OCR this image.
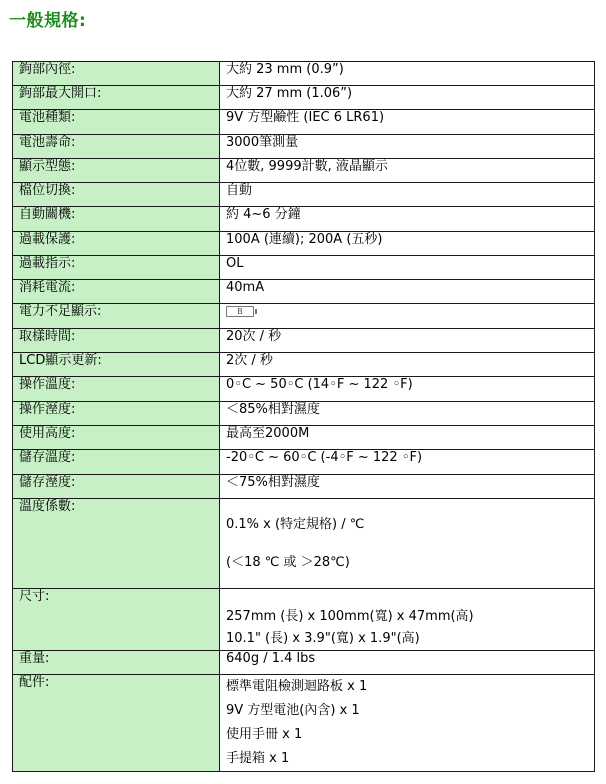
一般規格:
鉤部內徑:	大約 23 mm (0.9”)
鉤部最大開口:	大約 27 mm (1.06”)
電池種類:	9V 方型鹼性 (IEC 6 LR61)
電池壽命:	3000筆測量
顯示型態:	4位數, 9999計數, 液晶顯示
檔位切換:	自動
自動關機:	約 4~6 分鐘
過載保護:	100A (連續); 200A (五秒)
過載指示:	OL
消耗電流:	40mA
電力不足顯示:	B

取樣時間:	20次 / 秒
LCD顯示更新:	2次 / 秒
操作溫度:	0◦C ~ 50◦C (14◦F ~ 122 ◦F)
操作溼度:	＜85%相對濕度
使用高度:	最高至2000M
儲存溫度:	-20◦C ~ 60◦C (-4◦F ~ 122 ◦F)
儲存溼度:	＜75%相對濕度
溫度係數:	0.1% x (特定規格) / ℃
(＜18 ℃ 或 ＞28℃)

尺寸:	257mm (長) x 100mm(寬) x 47mm(高)
10.1" (長) x 3.9"(寬) x 1.9"(高)

重量:	640g / 1.4 lbs
配件:	標準電阻檢測迴路板 x 1
9V 方型電池(內含) x 1
使用手冊 x 1
手提箱 x 1
